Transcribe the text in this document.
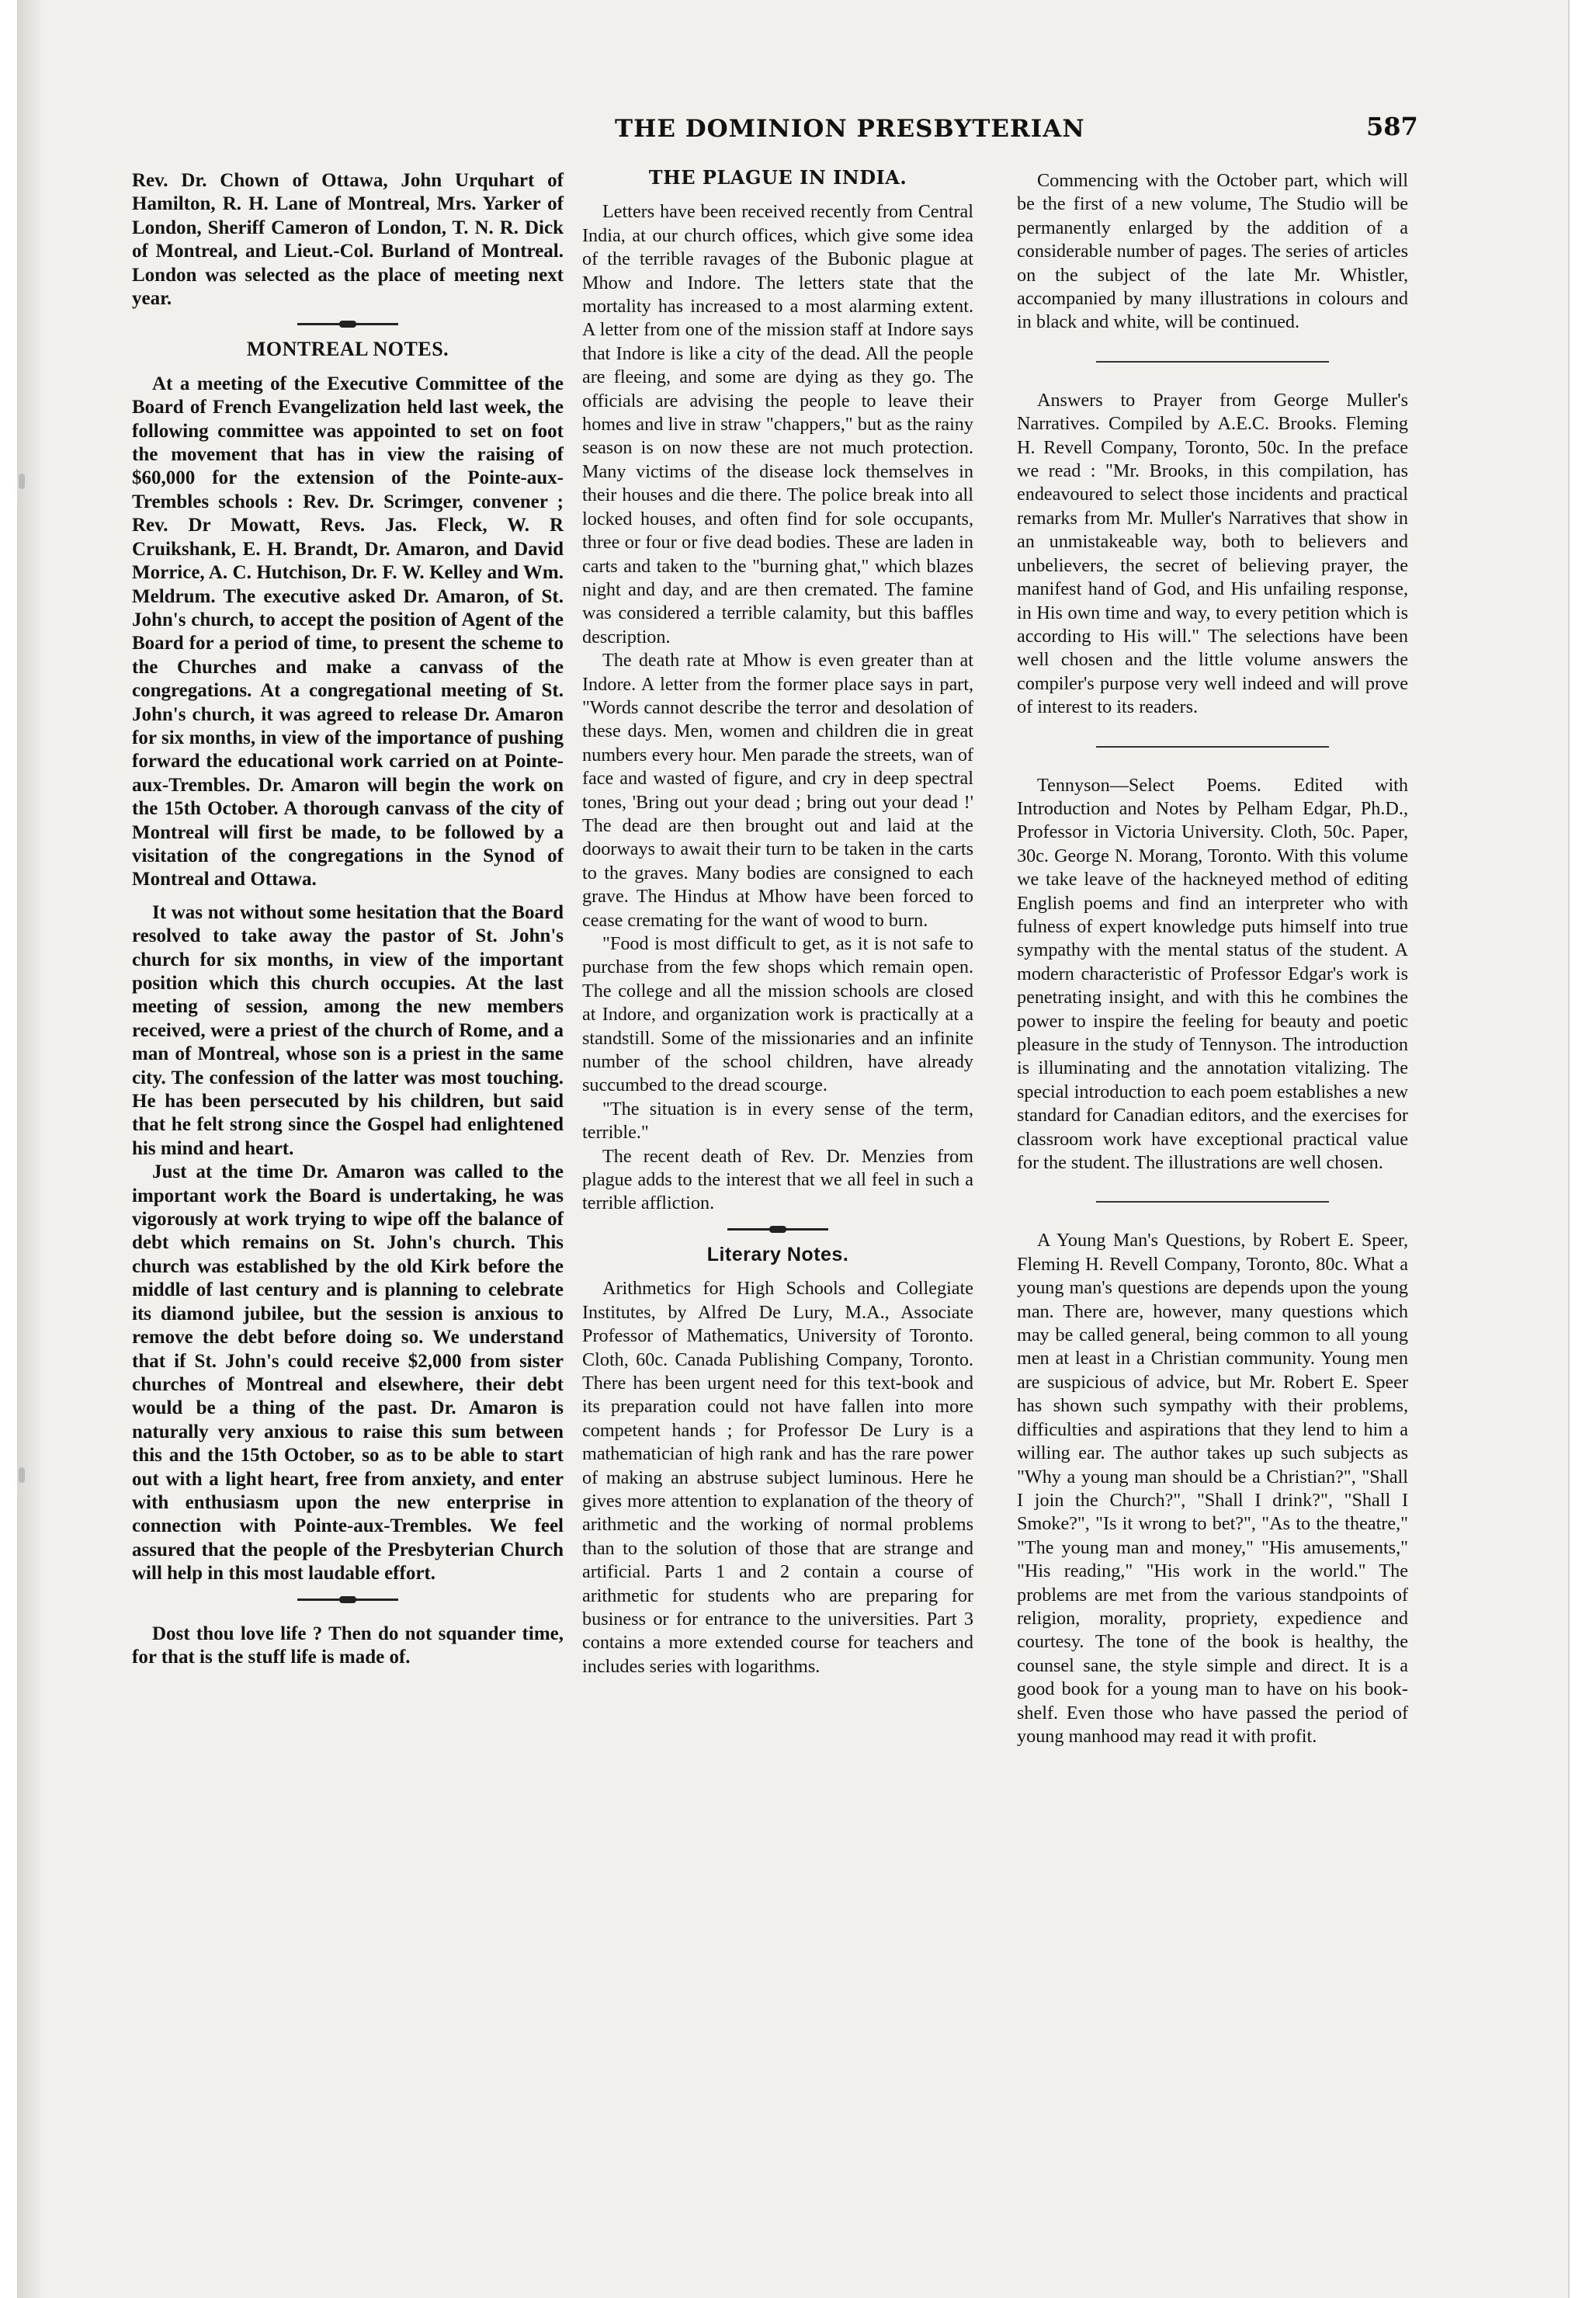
THE DOMINION PRESBYTERIAN	587

Rev. Dr. Chown of Ottawa, John Urquhart of Hamilton, R. H. Lane of Montreal, Mrs. Yarker of London, Sheriff Cameron of London, T. N. R. Dick of Montreal, and Lieut.-Col. Burland of Montreal. London was selected as the place of meeting next year.

MONTREAL NOTES.

At a meeting of the Executive Committee of the Board of French Evangelization held last week, the following committee was appointed to set on foot the movement that has in view the raising of $60,000 for the extension of the Pointe-aux-Trembles schools : Rev. Dr. Scrimger, convener ; Rev. Dr Mowatt, Revs. Jas. Fleck, W. R Cruikshank, E. H. Brandt, Dr. Amaron, and David Morrice, A. C. Hutchison, Dr. F. W. Kelley and Wm. Meldrum. The executive asked Dr. Amaron, of St. John's church, to accept the position of Agent of the Board for a period of time, to present the scheme to the Churches and make a canvass of the congregations. At a congregational meeting of St. John's church, it was agreed to release Dr. Amaron for six months, in view of the importance of pushing forward the educational work carried on at Pointe-aux-Trembles. Dr. Amaron will begin the work on the 15th October. A thorough canvass of the city of Montreal will first be made, to be followed by a visitation of the congregations in the Synod of Montreal and Ottawa.

It was not without some hesitation that the Board resolved to take away the pastor of St. John's church for six months, in view of the important position which this church occupies. At the last meeting of session, among the new members received, were a priest of the church of Rome, and a man of Montreal, whose son is a priest in the same city. The confession of the latter was most touching. He has been persecuted by his children, but said that he felt strong since the Gospel had enlightened his mind and heart.

Just at the time Dr. Amaron was called to the important work the Board is undertaking, he was vigorously at work trying to wipe off the balance of debt which remains on St. John's church. This church was established by the old Kirk before the middle of last century and is planning to celebrate its diamond jubilee, but the session is anxious to remove the debt before doing so. We understand that if St. John's could receive $2,000 from sister churches of Montreal and elsewhere, their debt would be a thing of the past. Dr. Amaron is naturally very anxious to raise this sum between this and the 15th October, so as to be able to start out with a light heart, free from anxiety, and enter with enthusiasm upon the new enterprise in connection with Pointe-aux-Trembles. We feel assured that the people of the Presbyterian Church will help in this most laudable effort.

Dost thou love life ? Then do not squander time, for that is the stuff life is made of.

THE PLAGUE IN INDIA.

Letters have been received recently from Central India, at our church offices, which give some idea of the terrible ravages of the Bubonic plague at Mhow and Indore. The letters state that the mortality has increased to a most alarming extent. A letter from one of the mission staff at Indore says that Indore is like a city of the dead. All the people are fleeing, and some are dying as they go. The officials are advising the people to leave their homes and live in straw "chappers," but as the rainy season is on now these are not much protection. Many victims of the disease lock themselves in their houses and die there. The police break into all locked houses, and often find for sole occupants, three or four or five dead bodies. These are laden in carts and taken to the "burning ghat," which blazes night and day, and are then cremated. The famine was considered a terrible calamity, but this baffles description.

The death rate at Mhow is even greater than at Indore. A letter from the former place says in part, "Words cannot describe the terror and desolation of these days. Men, women and children die in great numbers every hour. Men parade the streets, wan of face and wasted of figure, and cry in deep spectral tones, 'Bring out your dead ; bring out your dead !' The dead are then brought out and laid at the doorways to await their turn to be taken in the carts to the graves. Many bodies are consigned to each grave. The Hindus at Mhow have been forced to cease cremating for the want of wood to burn.

"Food is most difficult to get, as it is not safe to purchase from the few shops which remain open. The college and all the mission schools are closed at Indore, and organization work is practically at a standstill. Some of the missionaries and an infinite number of the school children, have already succumbed to the dread scourge.

"The situation is in every sense of the term, terrible."

The recent death of Rev. Dr. Menzies from plague adds to the interest that we all feel in such a terrible affliction.

Literary Notes.

Arithmetics for High Schools and Collegiate Institutes, by Alfred De Lury, M.A., Associate Professor of Mathematics, University of Toronto. Cloth, 60c. Canada Publishing Company, Toronto. There has been urgent need for this text-book and its preparation could not have fallen into more competent hands ; for Professor De Lury is a mathematician of high rank and has the rare power of making an abstruse subject luminous. Here he gives more attention to explanation of the theory of arithmetic and the working of normal problems than to the solution of those that are strange and artificial. Parts 1 and 2 contain a course of arithmetic for students who are preparing for business or for entrance to the universities. Part 3 contains a more extended course for teachers and includes series with logarithms.

Commencing with the October part, which will be the first of a new volume, The Studio will be permanently enlarged by the addition of a considerable number of pages. The series of articles on the subject of the late Mr. Whistler, accompanied by many illustrations in colours and in black and white, will be continued.

Answers to Prayer from George Muller's Narratives. Compiled by A.E.C. Brooks. Fleming H. Revell Company, Toronto, 50c. In the preface we read : "Mr. Brooks, in this compilation, has endeavoured to select those incidents and practical remarks from Mr. Muller's Narratives that show in an unmistakeable way, both to believers and unbelievers, the secret of believing prayer, the manifest hand of God, and His unfailing response, in His own time and way, to every petition which is according to His will." The selections have been well chosen and the little volume answers the compiler's purpose very well indeed and will prove of interest to its readers.

Tennyson—Select Poems. Edited with Introduction and Notes by Pelham Edgar, Ph.D., Professor in Victoria University. Cloth, 50c. Paper, 30c. George N. Morang, Toronto. With this volume we take leave of the hackneyed method of editing English poems and find an interpreter who with fulness of expert knowledge puts himself into true sympathy with the mental status of the student. A modern characteristic of Professor Edgar's work is penetrating insight, and with this he combines the power to inspire the feeling for beauty and poetic pleasure in the study of Tennyson. The introduction is illuminating and the annotation vitalizing. The special introduction to each poem establishes a new standard for Canadian editors, and the exercises for classroom work have exceptional practical value for the student. The illustrations are well chosen.

A Young Man's Questions, by Robert E. Speer, Fleming H. Revell Company, Toronto, 80c. What a young man's questions are depends upon the young man. There are, however, many questions which may be called general, being common to all young men at least in a Christian community. Young men are suspicious of advice, but Mr. Robert E. Speer has shown such sympathy with their problems, difficulties and aspirations that they lend to him a willing ear. The author takes up such subjects as "Why a young man should be a Christian?", "Shall I join the Church?", "Shall I drink?", "Shall I Smoke?", "Is it wrong to bet?", "As to the theatre," "The young man and money," "His amusements," "His reading," "His work in the world." The problems are met from the various standpoints of religion, morality, propriety, expedience and courtesy. The tone of the book is healthy, the counsel sane, the style simple and direct. It is a good book for a young man to have on his book-shelf. Even those who have passed the period of young manhood may read it with profit.
